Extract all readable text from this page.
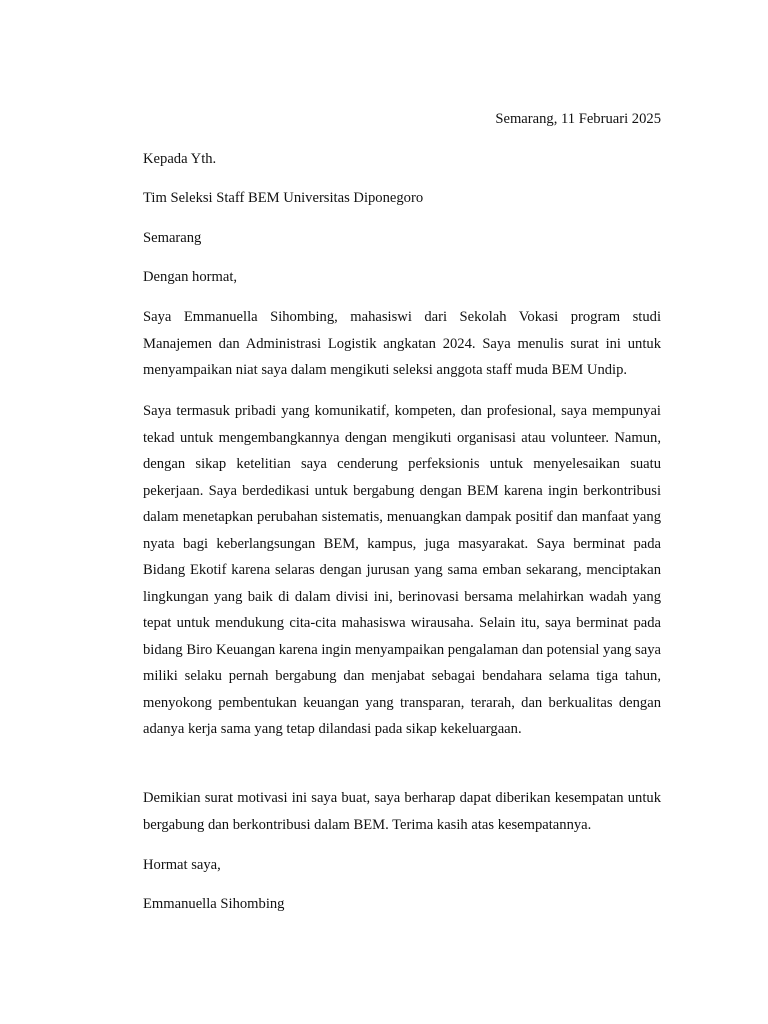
Semarang, 11 Februari 2025
Kepada Yth.
Tim Seleksi Staff BEM Universitas Diponegoro
Semarang
Dengan hormat,

Saya Emmanuella Sihombing, mahasiswi dari Sekolah Vokasi program studi Manajemen dan Administrasi Logistik angkatan 2024. Saya menulis surat ini untuk menyampaikan niat saya dalam mengikuti seleksi anggota staff muda BEM Undip.

Saya termasuk pribadi yang komunikatif, kompeten, dan profesional, saya mempunyai tekad untuk mengembangkannya dengan mengikuti organisasi atau volunteer. Namun, dengan sikap ketelitian saya cenderung perfeksionis untuk menyelesaikan suatu pekerjaan. Saya berdedikasi untuk bergabung dengan BEM karena ingin berkontribusi dalam menetapkan perubahan sistematis, menuangkan dampak positif dan manfaat yang nyata bagi keberlangsungan BEM, kampus, juga masyarakat. Saya berminat pada Bidang Ekotif karena selaras dengan jurusan yang sama emban sekarang, menciptakan lingkungan yang baik di dalam divisi ini, berinovasi bersama melahirkan wadah yang tepat untuk mendukung cita-cita mahasiswa wirausaha. Selain itu, saya berminat pada bidang Biro Keuangan karena ingin menyampaikan pengalaman dan potensial yang saya miliki selaku pernah bergabung dan menjabat sebagai bendahara selama tiga tahun, menyokong pembentukan keuangan yang transparan, terarah, dan berkualitas dengan adanya kerja sama yang tetap dilandasi pada sikap kekeluargaan.

Demikian surat motivasi ini saya buat, saya berharap dapat diberikan kesempatan untuk bergabung dan berkontribusi dalam BEM. Terima kasih atas kesempatannya.

Hormat saya,
Emmanuella Sihombing
